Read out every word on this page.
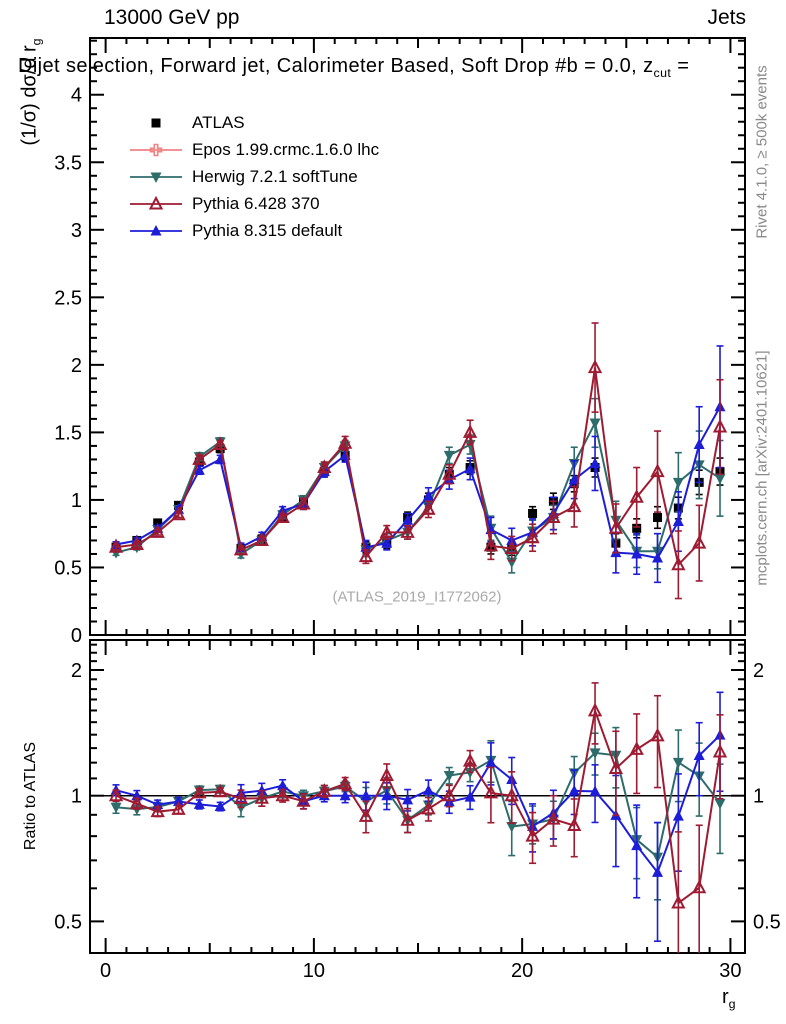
13000 GeV pp	Jets
0
0.5
1
1.5
2
2.5
3
3.5
4
0.5	0.5
1	1
2	2
0	10	20	30
Dijet selection, Forward jet, Calorimeter Based, Soft Drop #b = 0.0, $z_{cut}$ =
(1/σ) dσ/d $r_g$
Ratio to ATLAS
Rivet 4.1.0, ≥ 500k events
mcplots.cern.ch [arXiv:2401.10621]
(ATLAS_2019_I1772062)
$r_g$
ATLAS
Epos 1.99.crmc.1.6.0 lhc
Herwig 7.2.1 softTune
Pythia 6.428 370
Pythia 8.315 default
